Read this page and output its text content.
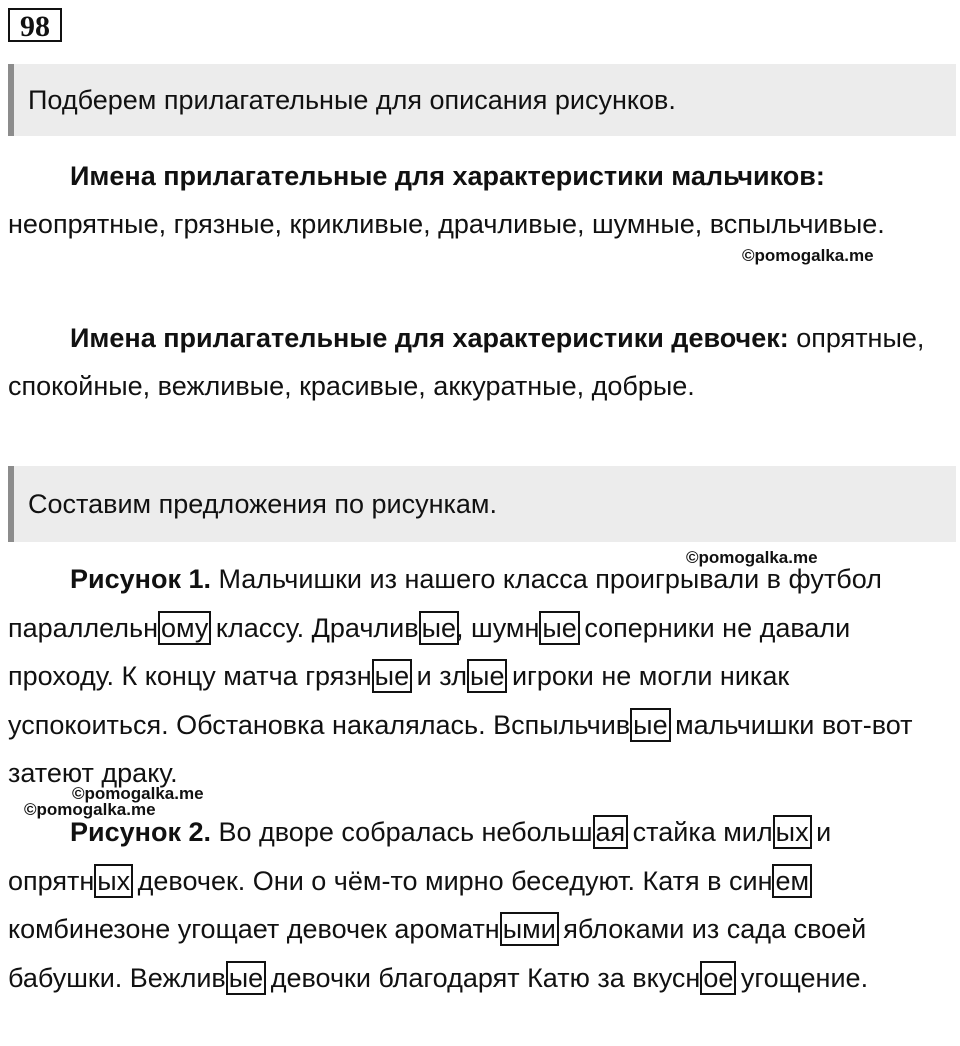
98
Подберем прилагательные для описания рисунков.

Имена прилагательные для характеристики мальчиков: неопрятные, грязные, крикливые, драчливые, шумные, вспыльчивые.

©pomogalka.me

Имена прилагательные для характеристики девочек: опрятные, спокойные, вежливые, красивые, аккуратные, добрые.

Составим предложения по рисункам.
©pomogalka.me

Рисунок 1. Мальчишки из нашего класса проигрывали в футбол параллельн ому классу. Драчлив ые, шумн ые соперники не давали проходу. К концу матча грязн ые и зл ые игроки не могли никак успокоиться. Обстановка накалялась. Вспыльчив ые мальчишки вот-вот затеют драку.

©pomogalka.me
©pomogalka.me

Рисунок 2. Во дворе собралась небольш ая стайка мил ых и опрятн ых девочек. Они о чём-то мирно беседуют. Катя в син ем комбинезоне угощает девочек ароматн ыми яблоками из сада своей бабушки. Вежлив ые девочки благодарят Катю за вкусн ое угощение.
